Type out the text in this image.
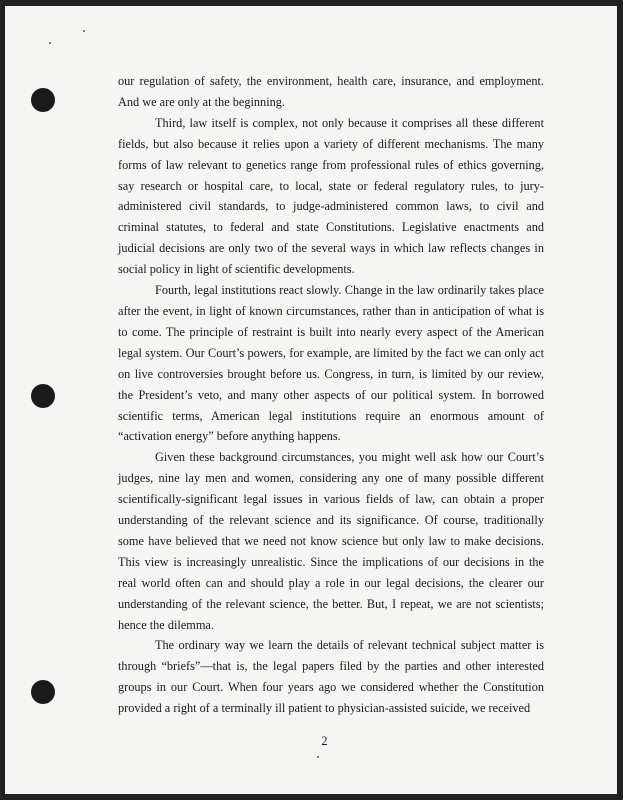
our regulation of safety, the environment, health care, insurance, and employment. And we are only at the beginning.

Third, law itself is complex, not only because it comprises all these different fields, but also because it relies upon a variety of different mechanisms. The many forms of law relevant to genetics range from professional rules of ethics governing, say research or hospital care, to local, state or federal regulatory rules, to jury-administered civil standards, to judge-administered common laws, to civil and criminal statutes, to federal and state Constitutions. Legislative enactments and judicial decisions are only two of the several ways in which law reflects changes in social policy in light of scientific developments.

Fourth, legal institutions react slowly. Change in the law ordinarily takes place after the event, in light of known circumstances, rather than in anticipation of what is to come. The principle of restraint is built into nearly every aspect of the American legal system. Our Court’s powers, for example, are limited by the fact we can only act on live controversies brought before us. Congress, in turn, is limited by our review, the President’s veto, and many other aspects of our political system. In borrowed scientific terms, American legal institutions require an enormous amount of “activation energy” before anything happens.

Given these background circumstances, you might well ask how our Court’s judges, nine lay men and women, considering any one of many possible different scientifically-significant legal issues in various fields of law, can obtain a proper understanding of the relevant science and its significance. Of course, traditionally some have believed that we need not know science but only law to make decisions. This view is increasingly unrealistic. Since the implications of our decisions in the real world often can and should play a role in our legal decisions, the clearer our understanding of the relevant science, the better. But, I repeat, we are not scientists; hence the dilemma.

The ordinary way we learn the details of relevant technical subject matter is through “briefs”—that is, the legal papers filed by the parties and other interested groups in our Court. When four years ago we considered whether the Constitution provided a right of a terminally ill patient to physician-assisted suicide, we received

2
